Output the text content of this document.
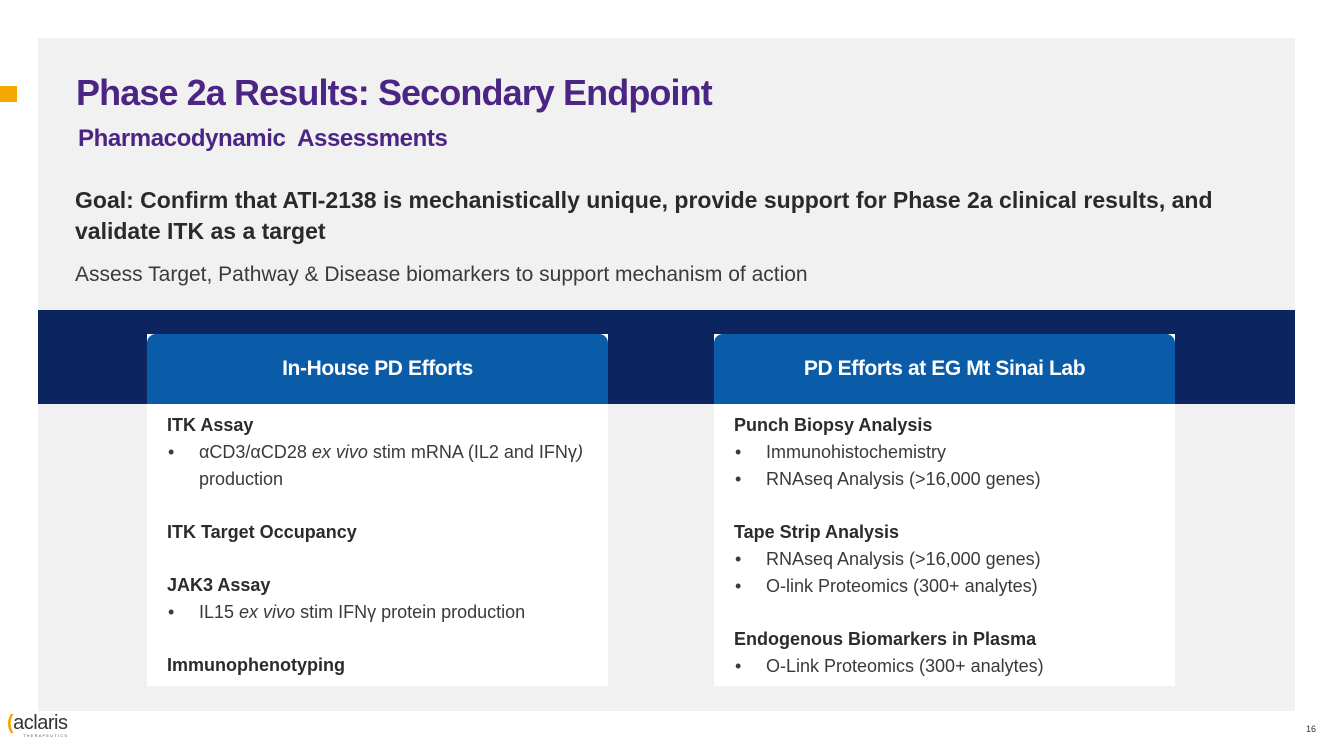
Phase 2a Results: Secondary Endpoint
Pharmacodynamic  Assessments

Goal: Confirm that ATI-2138 is mechanistically unique, provide support for Phase 2a clinical results, and validate ITK as a target

Assess Target, Pathway & Disease biomarkers to support mechanism of action

In-House PD Efforts
ITK Assay
• αCD3/αCD28 ex vivo stim mRNA (IL2 and IFNγ) production
ITK Target Occupancy
JAK3 Assay
• IL15 ex vivo stim IFNγ protein production
Immunophenotyping
PD Efforts at EG Mt Sinai Lab
Punch Biopsy Analysis
• Immunohistochemistry
• RNAseq Analysis (>16,000 genes)
Tape Strip Analysis
• RNAseq Analysis (>16,000 genes)
• O-link Proteomics (300+ analytes)
Endogenous Biomarkers in Plasma
• O-Link Proteomics (300+ analytes)
(aclaris
THERAPEUTICS
16
